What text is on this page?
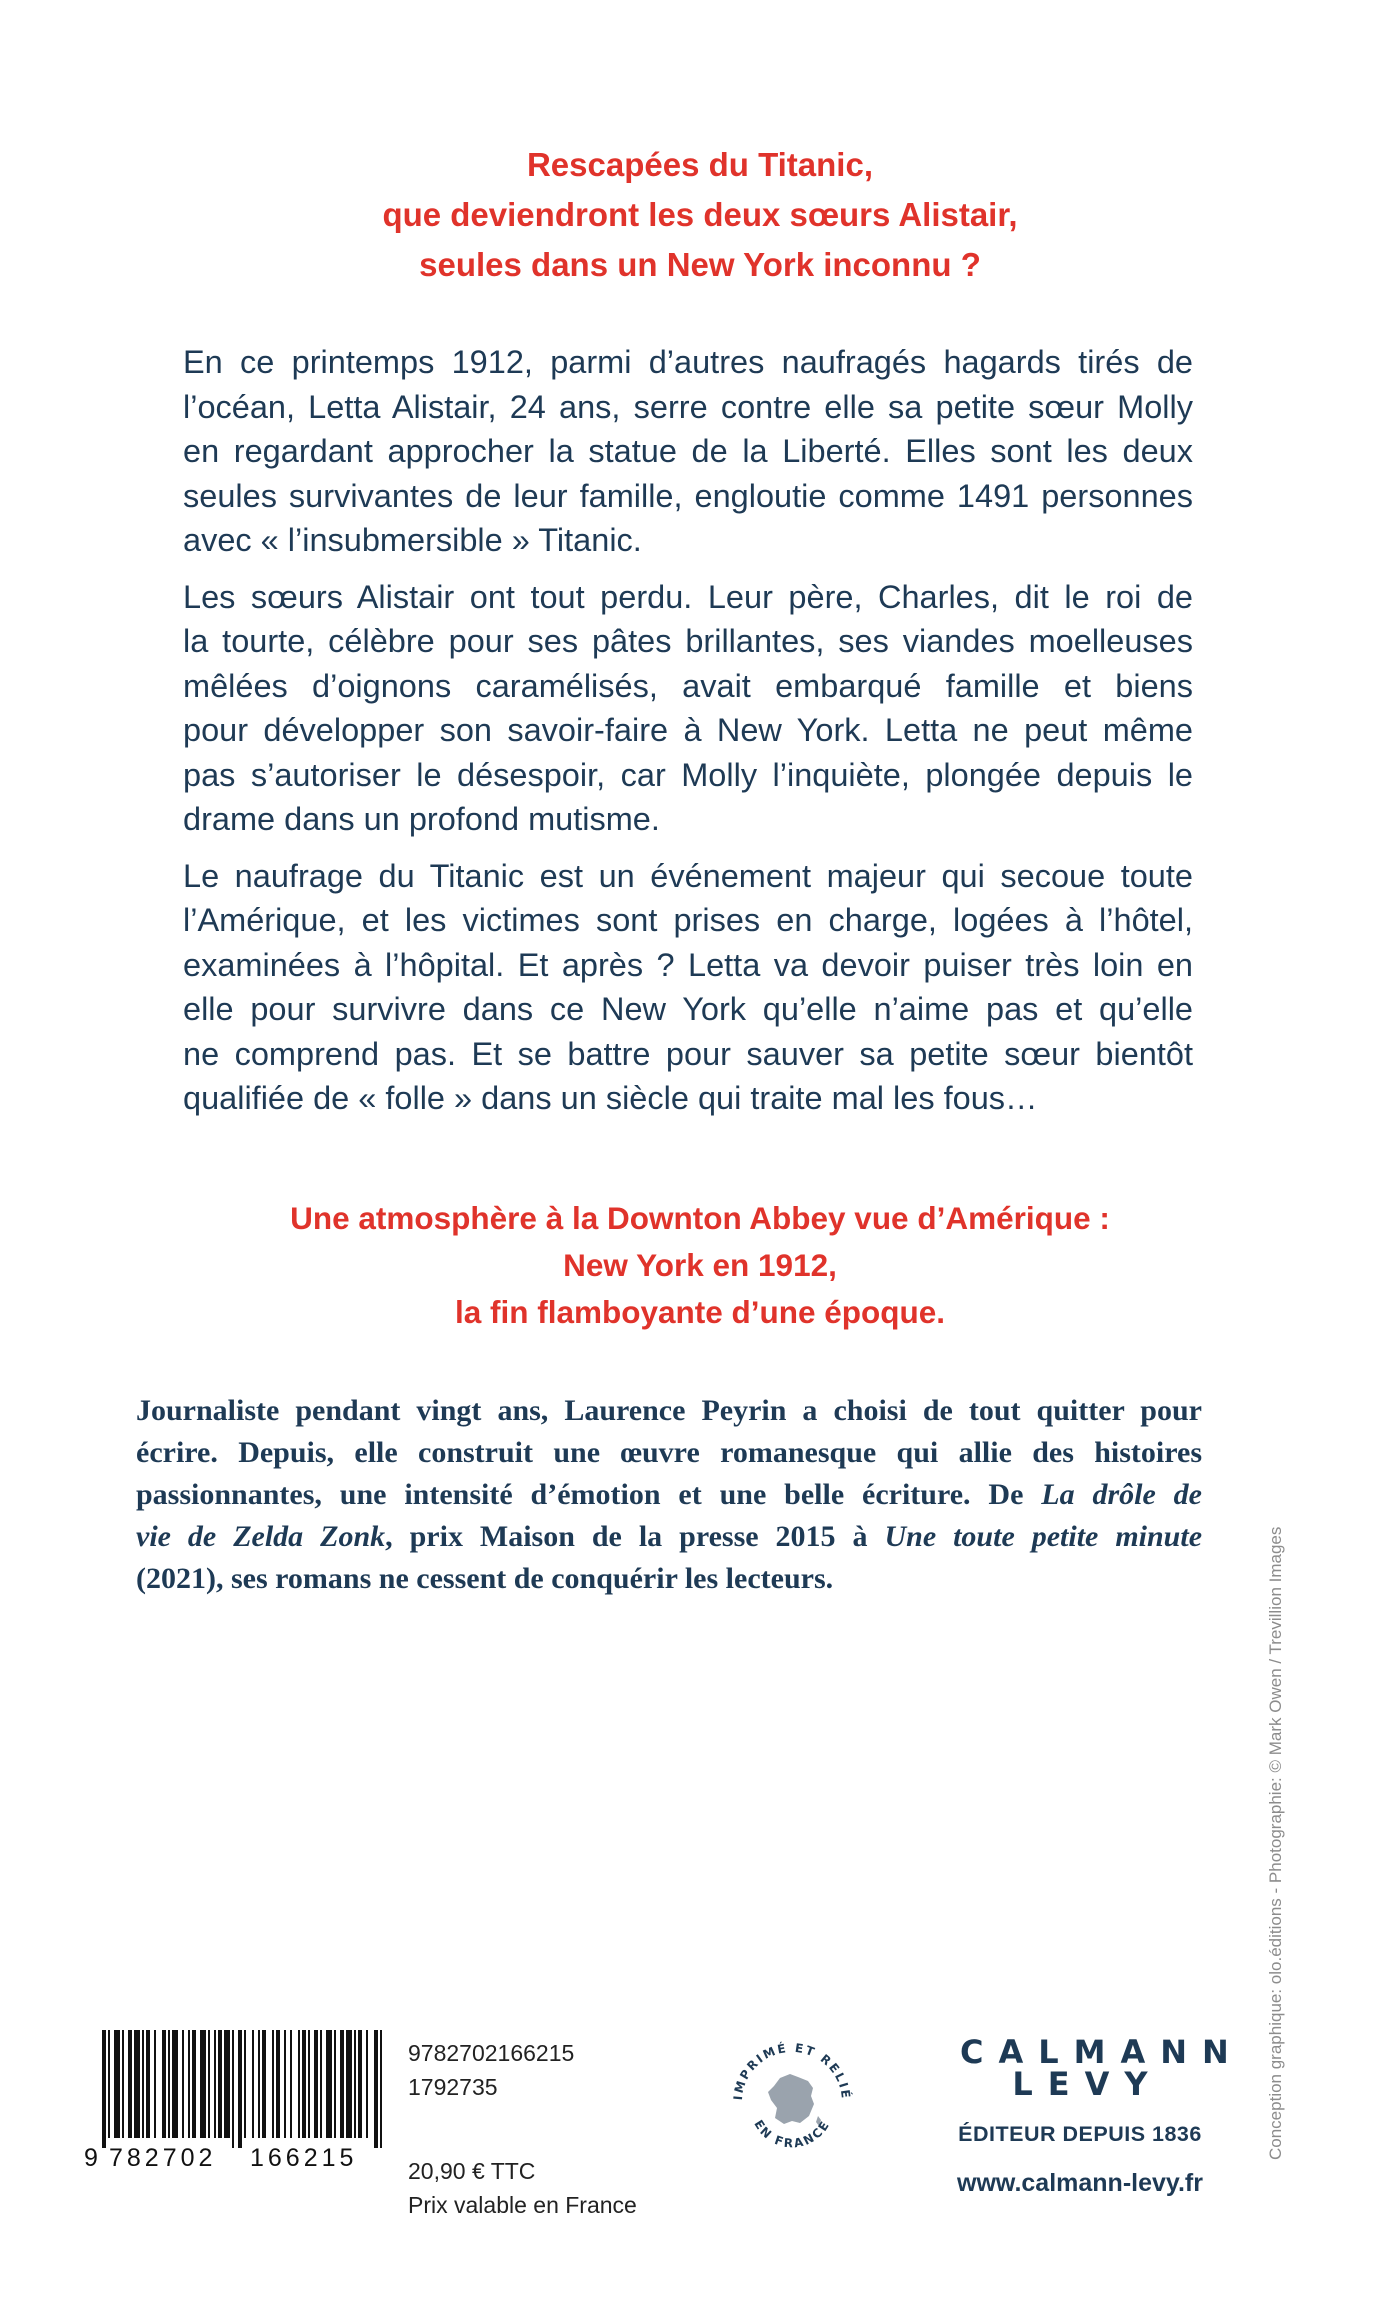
Rescapées du Titanic,
que deviendront les deux sœurs Alistair,
seules dans un New York inconnu ?

En ce printemps 1912, parmi d’autres naufragés hagards tirés de
l’océan, Letta Alistair, 24 ans, serre contre elle sa petite sœur Molly
en regardant approcher la statue de la Liberté. Elles sont les deux
seules survivantes de leur famille, engloutie comme 1491 personnes
avec « l’insubmersible » Titanic.

Les sœurs Alistair ont tout perdu. Leur père, Charles, dit le roi de
la tourte, célèbre pour ses pâtes brillantes, ses viandes moelleuses
mêlées d’oignons caramélisés, avait embarqué famille et biens
pour développer son savoir-faire à New York. Letta ne peut même
pas s’autoriser le désespoir, car Molly l’inquiète, plongée depuis le
drame dans un profond mutisme.

Le naufrage du Titanic est un événement majeur qui secoue toute
l’Amérique, et les victimes sont prises en charge, logées à l’hôtel,
examinées à l’hôpital. Et après ? Letta va devoir puiser très loin en
elle pour survivre dans ce New York qu’elle n’aime pas et qu’elle
ne comprend pas. Et se battre pour sauver sa petite sœur bientôt
qualifiée de « folle » dans un siècle qui traite mal les fous…

Une atmosphère à la Downton Abbey vue d’Amérique :
New York en 1912,
la fin flamboyante d’une époque.
Journaliste pendant vingt ans, Laurence Peyrin a choisi de tout quitter pour
écrire. Depuis, elle construit une œuvre romanesque qui allie des histoires
passionnantes, une intensité d’émotion et une belle écriture. De La drôle de
vie de Zelda Zonk, prix Maison de la presse 2015 à Une toute petite minute
(2021), ses romans ne cessent de conquérir les lecteurs.	Conception graphique: olo.éditions - Photographie: © Mark Owen / Trevillion Images
9 782702 166215
9782702166215
1792735
20,90 € TTC
Prix valable en France
IMPRIMÉ ET RELIÉ
EN FRANCE
CALMANN
LEVY
ÉDITEUR DEPUIS 1836
www.calmann-levy.fr
